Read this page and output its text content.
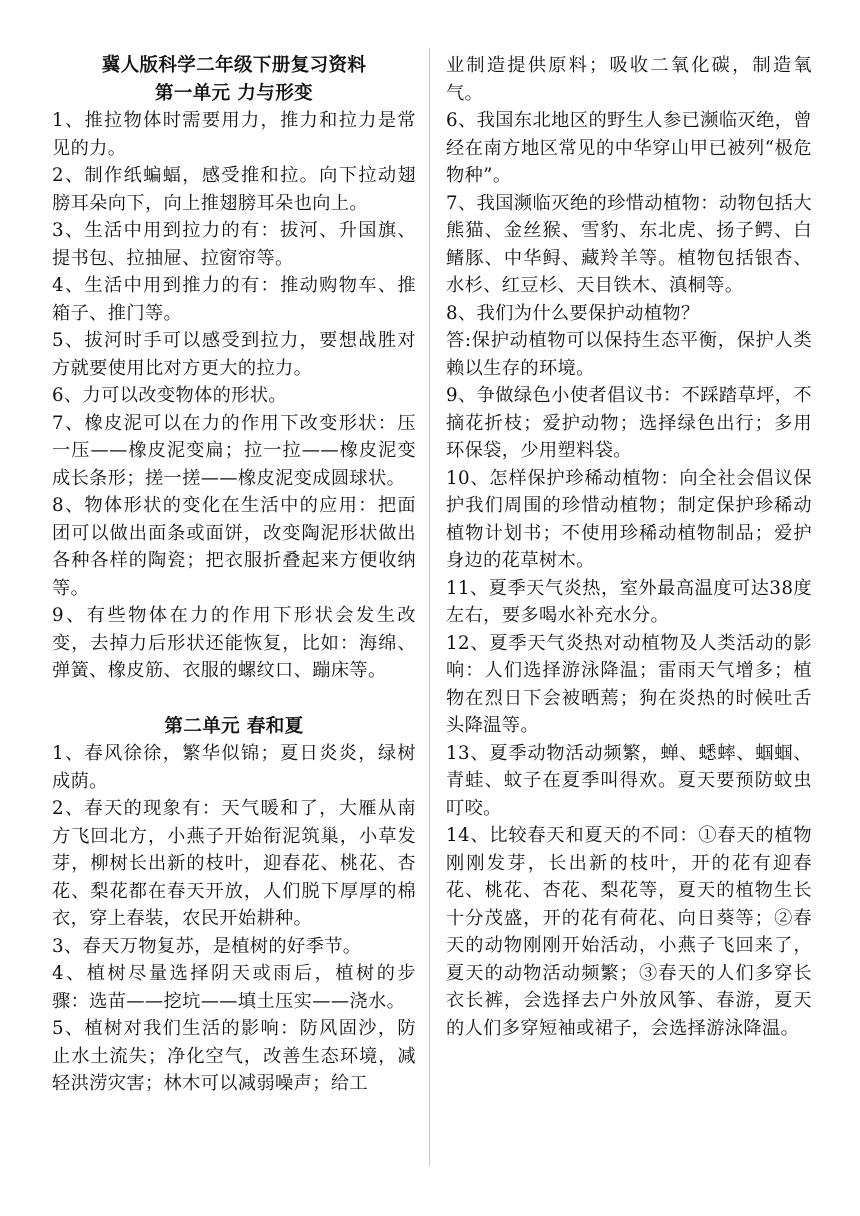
冀人版科学二年级下册复习资料

第一单元 力与形变

1、推拉物体时需要用力，推力和拉力是常见的力。

2、制作纸蝙蝠，感受推和拉。向下拉动翅膀耳朵向下，向上推翅膀耳朵也向上。

3、生活中用到拉力的有：拔河、升国旗、提书包、拉抽屉、拉窗帘等。

4、生活中用到推力的有：推动购物车、推箱子、推门等。

5、拔河时手可以感受到拉力，要想战胜对方就要使用比对方更大的拉力。

6、力可以改变物体的形状。

7、橡皮泥可以在力的作用下改变形状：压一压——橡皮泥变扁；拉一拉——橡皮泥变成长条形；搓一搓——橡皮泥变成圆球状。

8、物体形状的变化在生活中的应用：把面团可以做出面条或面饼，改变陶泥形状做出各种各样的陶瓷；把衣服折叠起来方便收纳等。

9、有些物体在力的作用下形状会发生改变，去掉力后形状还能恢复，比如：海绵、弹簧、橡皮筋、衣服的螺纹口、蹦床等。

第二单元 春和夏

1、春风徐徐，繁华似锦；夏日炎炎，绿树成荫。

2、春天的现象有：天气暖和了，大雁从南方飞回北方，小燕子开始衔泥筑巢，小草发芽，柳树长出新的枝叶，迎春花、桃花、杏花、梨花都在春天开放，人们脱下厚厚的棉衣，穿上春装，农民开始耕种。

3、春天万物复苏，是植树的好季节。

4、植树尽量选择阴天或雨后，植树的步骤：选苗——挖坑——填土压实——浇水。

5、植树对我们生活的影响：防风固沙，防止水土流失；净化空气，改善生态环境，减轻洪涝灾害；林木可以减弱噪声；给工

业制造提供原料；吸收二氧化碳，制造氧气。

6、我国东北地区的野生人参已濒临灭绝，曾经在南方地区常见的中华穿山甲已被列“极危物种”。

7、我国濒临灭绝的珍惜动植物：动物包括大熊猫、金丝猴、雪豹、东北虎、扬子鳄、白鳍豚、中华鲟、藏羚羊等。植物包括银杏、水杉、红豆杉、天目铁木、滇桐等。

8、我们为什么要保护动植物？

答:保护动植物可以保持生态平衡，保护人类赖以生存的环境。

9、争做绿色小使者倡议书：不踩踏草坪，不摘花折枝；爱护动物；选择绿色出行；多用环保袋，少用塑料袋。

10、怎样保护珍稀动植物：向全社会倡议保护我们周围的珍惜动植物；制定保护珍稀动植物计划书；不使用珍稀动植物制品；爱护身边的花草树木。

11、夏季天气炎热，室外最高温度可达38度左右，要多喝水补充水分。

12、夏季天气炎热对动植物及人类活动的影响：人们选择游泳降温；雷雨天气增多；植物在烈日下会被晒蔫；狗在炎热的时候吐舌头降温等。

13、夏季动物活动频繁，蝉、蟋蟀、蝈蝈、青蛙、蚊子在夏季叫得欢。夏天要预防蚊虫叮咬。

14、比较春天和夏天的不同：①春天的植物刚刚发芽，长出新的枝叶，开的花有迎春花、桃花、杏花、梨花等，夏天的植物生长十分茂盛，开的花有荷花、向日葵等；②春天的动物刚刚开始活动，小燕子飞回来了，夏天的动物活动频繁；③春天的人们多穿长衣长裤，会选择去户外放风筝、春游，夏天的人们多穿短袖或裙子，会选择游泳降温。
